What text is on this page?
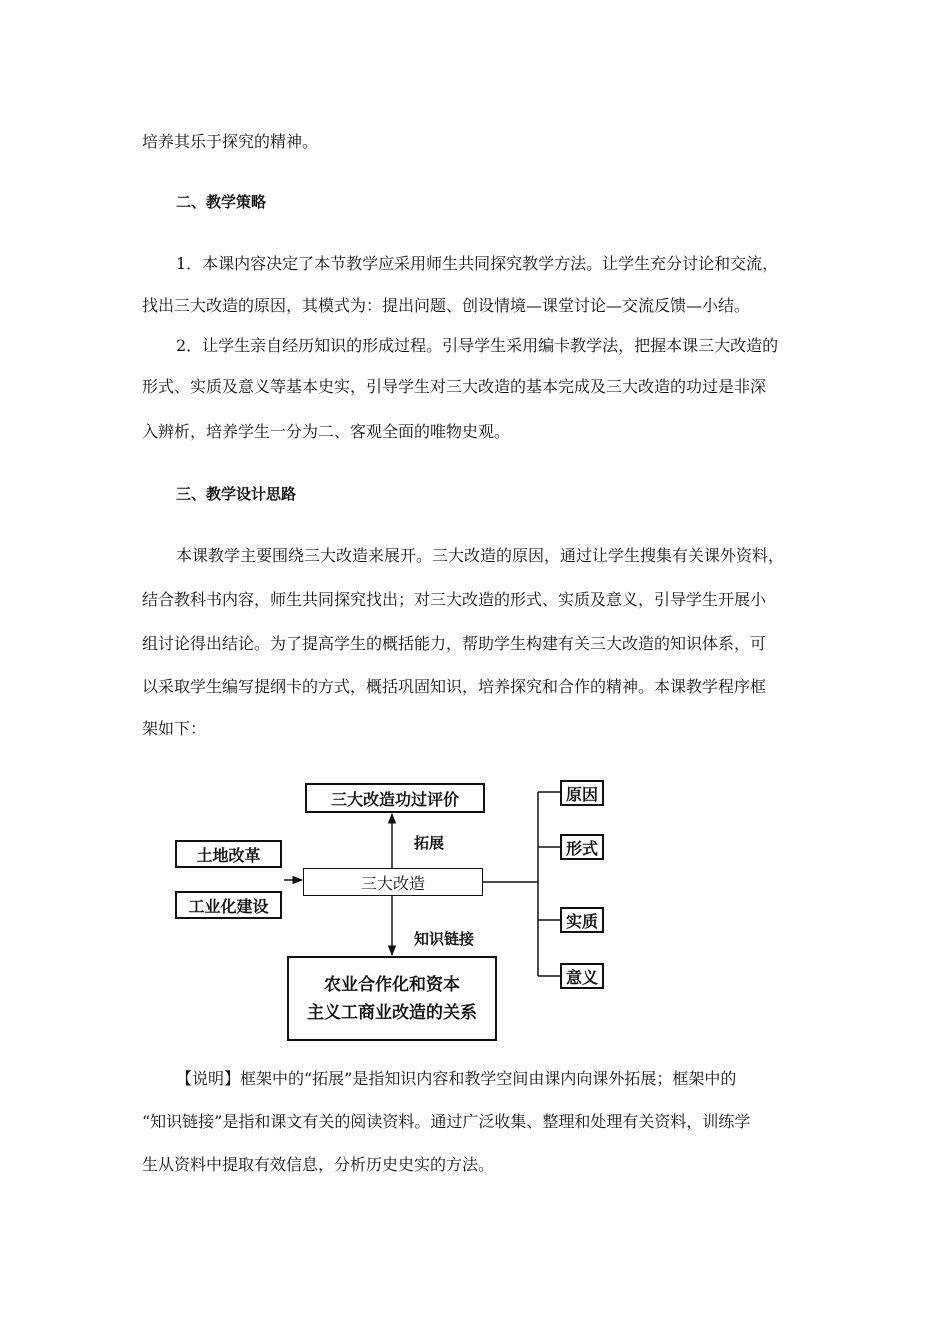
培养其乐于探究的精神。
二、教学策略
1．本课内容决定了本节教学应采用师生共同探究教学方法。让学生充分讨论和交流，
找出三大改造的原因，其模式为：提出问题、创设情境—课堂讨论—交流反馈—小结。
2．让学生亲自经历知识的形成过程。引导学生采用编卡教学法，把握本课三大改造的
形式、实质及意义等基本史实，引导学生对三大改造的基本完成及三大改造的功过是非深
入辨析，培养学生一分为二、客观全面的唯物史观。
三、教学设计思路
本课教学主要围绕三大改造来展开。三大改造的原因，通过让学生搜集有关课外资料，
结合教科书内容，师生共同探究找出；对三大改造的形式、实质及意义，引导学生开展小
组讨论得出结论。为了提高学生的概括能力，帮助学生构建有关三大改造的知识体系，可
以采取学生编写提纲卡的方式，概括巩固知识，培养探究和合作的精神。本课教学程序框
架如下：
三大改造功过评价
土地改革
工业化建设
三大改造
拓展
知识链接
农业合作化和资本
主义工商业改造的关系
原因
形式
实质
意义
【说明】框架中的“拓展”是指知识内容和教学空间由课内向课外拓展；框架中的
“知识链接”是指和课文有关的阅读资料。通过广泛收集、整理和处理有关资料，训练学
生从资料中提取有效信息，分析历史史实的方法。
